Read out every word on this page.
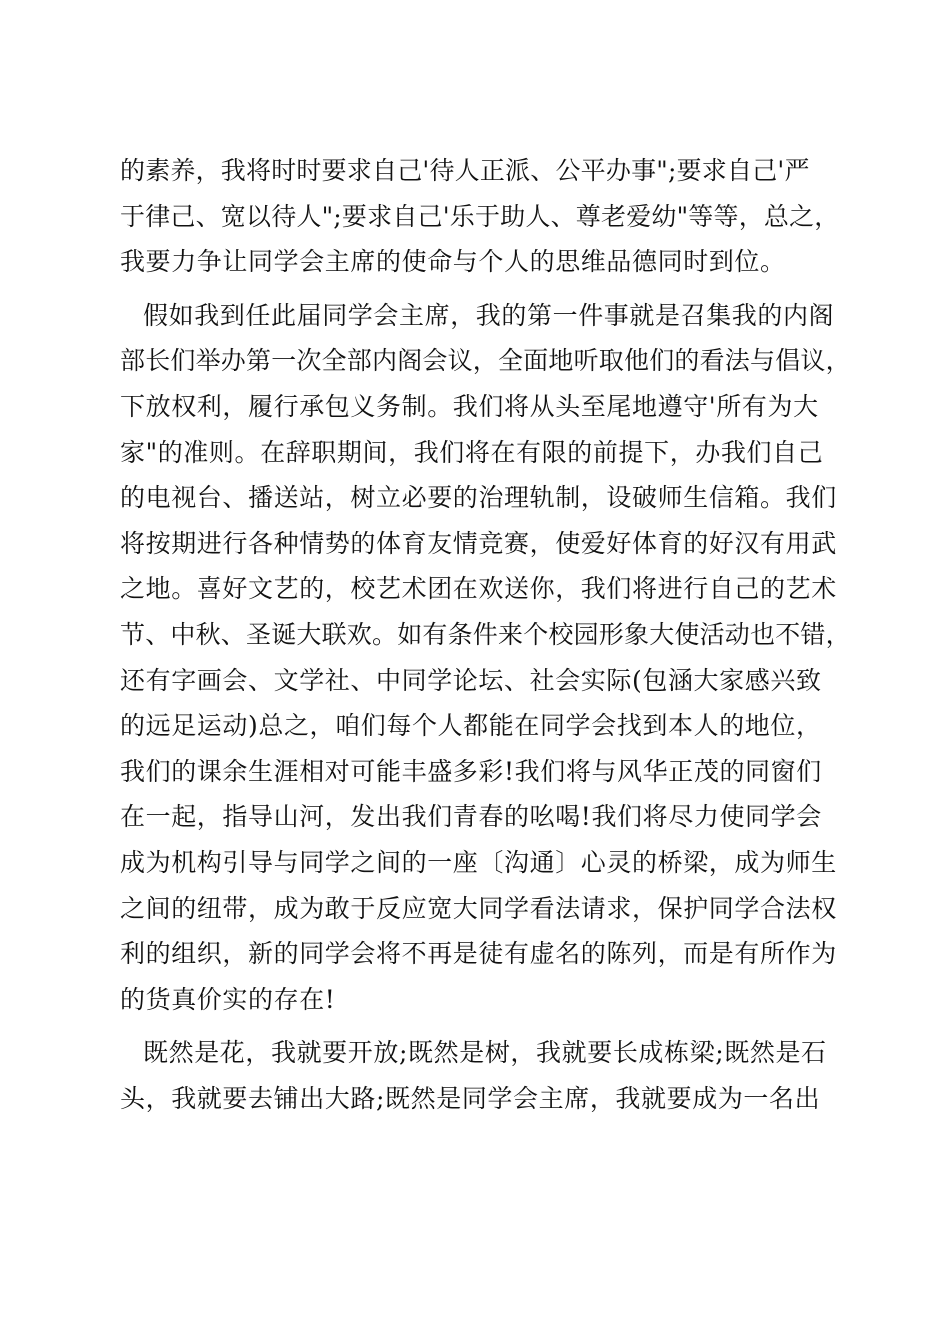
的素养，我将时时要求自己'待人正派、公平办事";要求自己'严
于律己、宽以待人";要求自己'乐于助人、尊老爱幼"等等，总之，
我要力争让同学会主席的使命与个人的思维品德同时到位。
假如我到任此届同学会主席，我的第一件事就是召集我的内阁
部长们举办第一次全部内阁会议，全面地听取他们的看法与倡议，
下放权利，履行承包义务制。我们将从头至尾地遵守'所有为大
家"的准则。在辞职期间，我们将在有限的前提下，办我们自己
的电视台、播送站，树立必要的治理轨制，设破师生信箱。我们
将按期进行各种情势的体育友情竞赛，使爱好体育的好汉有用武
之地。喜好文艺的，校艺术团在欢送你，我们将进行自己的艺术
节、中秋、圣诞大联欢。如有条件来个校园形象大使活动也不错，
还有字画会、文学社、中同学论坛、社会实际(包涵大家感兴致
的远足运动)总之，咱们每个人都能在同学会找到本人的地位，
我们的课余生涯相对可能丰盛多彩!我们将与风华正茂的同窗们
在一起，指导山河，发出我们青春的吆喝!我们将尽力使同学会
成为机构引导与同学之间的一座〔沟通〕心灵的桥梁，成为师生
之间的纽带，成为敢于反应宽大同学看法请求，保护同学合法权
利的组织，新的同学会将不再是徒有虚名的陈列，而是有所作为
的货真价实的存在!
既然是花，我就要开放;既然是树，我就要长成栋梁;既然是石
头，我就要去铺出大路;既然是同学会主席，我就要成为一名出
